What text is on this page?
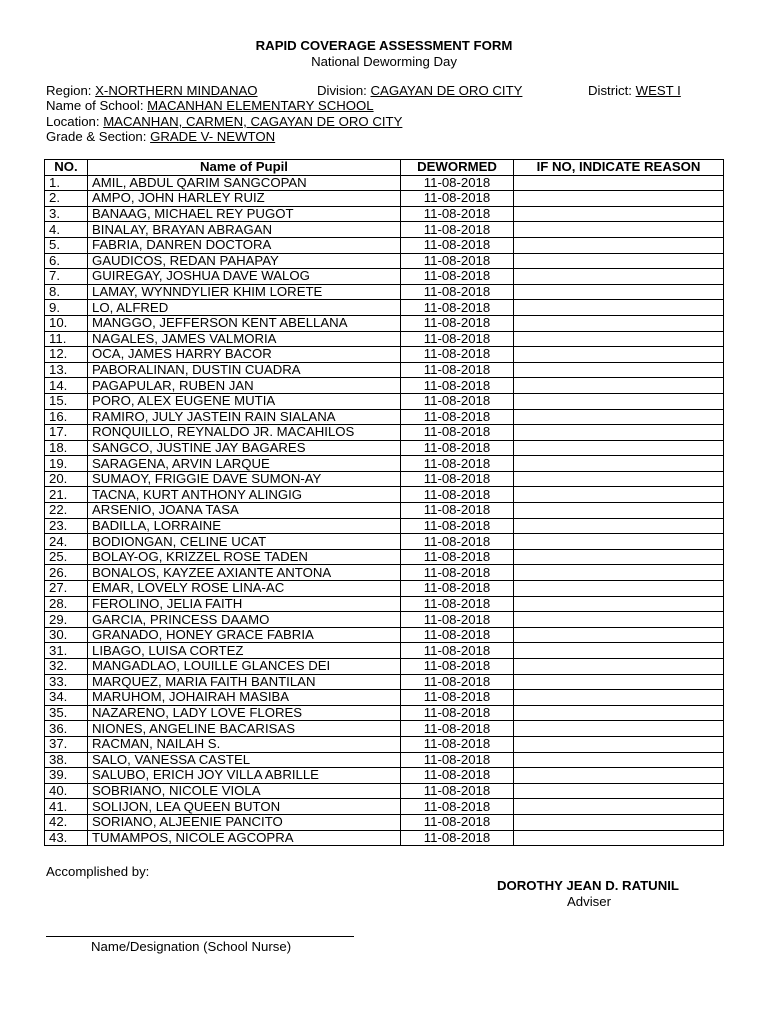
RAPID COVERAGE ASSESSMENT FORM
National Deworming Day
Region: X-NORTHERN MINDANAO	Division: CAGAYAN DE ORO CITY	District: WEST I
Name of School: MACANHAN ELEMENTARY SCHOOL
Location: MACANHAN, CARMEN, CAGAYAN DE ORO CITY
Grade & Section: GRADE V- NEWTON
NO.	Name of Pupil	DEWORMED	IF NO, INDICATE REASON
1.	AMIL, ABDUL QARIM SANGCOPAN	11-08-2018	
2.	AMPO, JOHN HARLEY RUIZ	11-08-2018	
3.	BANAAG, MICHAEL REY PUGOT	11-08-2018	
4.	BINALAY, BRAYAN ABRAGAN	11-08-2018	
5.	FABRIA, DANREN DOCTORA	11-08-2018	
6.	GAUDICOS, REDAN PAHAPAY	11-08-2018	
7.	GUIREGAY, JOSHUA DAVE WALOG	11-08-2018	
8.	LAMAY, WYNNDYLIER KHIM LORETE	11-08-2018	
9.	LO, ALFRED	11-08-2018	
10.	MANGGO, JEFFERSON KENT ABELLANA	11-08-2018	
11.	NAGALES, JAMES VALMORIA	11-08-2018	
12.	OCA, JAMES HARRY BACOR	11-08-2018	
13.	PABORALINAN, DUSTIN CUADRA	11-08-2018	
14.	PAGAPULAR, RUBEN JAN	11-08-2018	
15.	PORO, ALEX EUGENE MUTIA	11-08-2018	
16.	RAMIRO, JULY JASTEIN RAIN SIALANA	11-08-2018	
17.	RONQUILLO, REYNALDO JR. MACAHILOS	11-08-2018	
18.	SANGCO, JUSTINE JAY BAGARES	11-08-2018	
19.	SARAGENA, ARVIN LARQUE	11-08-2018	
20.	SUMAOY, FRIGGIE DAVE SUMON-AY	11-08-2018	
21.	TACNA, KURT ANTHONY ALINGIG	11-08-2018	
22.	ARSENIO, JOANA TASA	11-08-2018	
23.	BADILLA, LORRAINE	11-08-2018	
24.	BODIONGAN, CELINE UCAT	11-08-2018	
25.	BOLAY-OG, KRIZZEL ROSE TADEN	11-08-2018	
26.	BONALOS, KAYZEE AXIANTE ANTONA	11-08-2018	
27.	EMAR, LOVELY ROSE LINA-AC	11-08-2018	
28.	FEROLINO, JELIA FAITH	11-08-2018	
29.	GARCIA, PRINCESS DAAMO	11-08-2018	
30.	GRANADO, HONEY GRACE FABRIA	11-08-2018	
31.	LIBAGO, LUISA CORTEZ	11-08-2018	
32.	MANGADLAO, LOUILLE GLANCES DEI	11-08-2018	
33.	MARQUEZ, MARIA FAITH BANTILAN	11-08-2018	
34.	MARUHOM, JOHAIRAH MASIBA	11-08-2018	
35.	NAZARENO, LADY LOVE FLORES	11-08-2018	
36.	NIONES, ANGELINE BACARISAS	11-08-2018	
37.	RACMAN, NAILAH S.	11-08-2018	
38.	SALO, VANESSA CASTEL	11-08-2018	
39.	SALUBO, ERICH JOY VILLA ABRILLE	11-08-2018	
40.	SOBRIANO, NICOLE VIOLA	11-08-2018	
41.	SOLIJON, LEA QUEEN BUTON	11-08-2018	
42.	SORIANO, ALJEENIE PANCITO	11-08-2018	
43.	TUMAMPOS, NICOLE AGCOPRA	11-08-2018	
Accomplished by:
DOROTHY JEAN D. RATUNIL
Adviser
Name/Designation (School Nurse)
